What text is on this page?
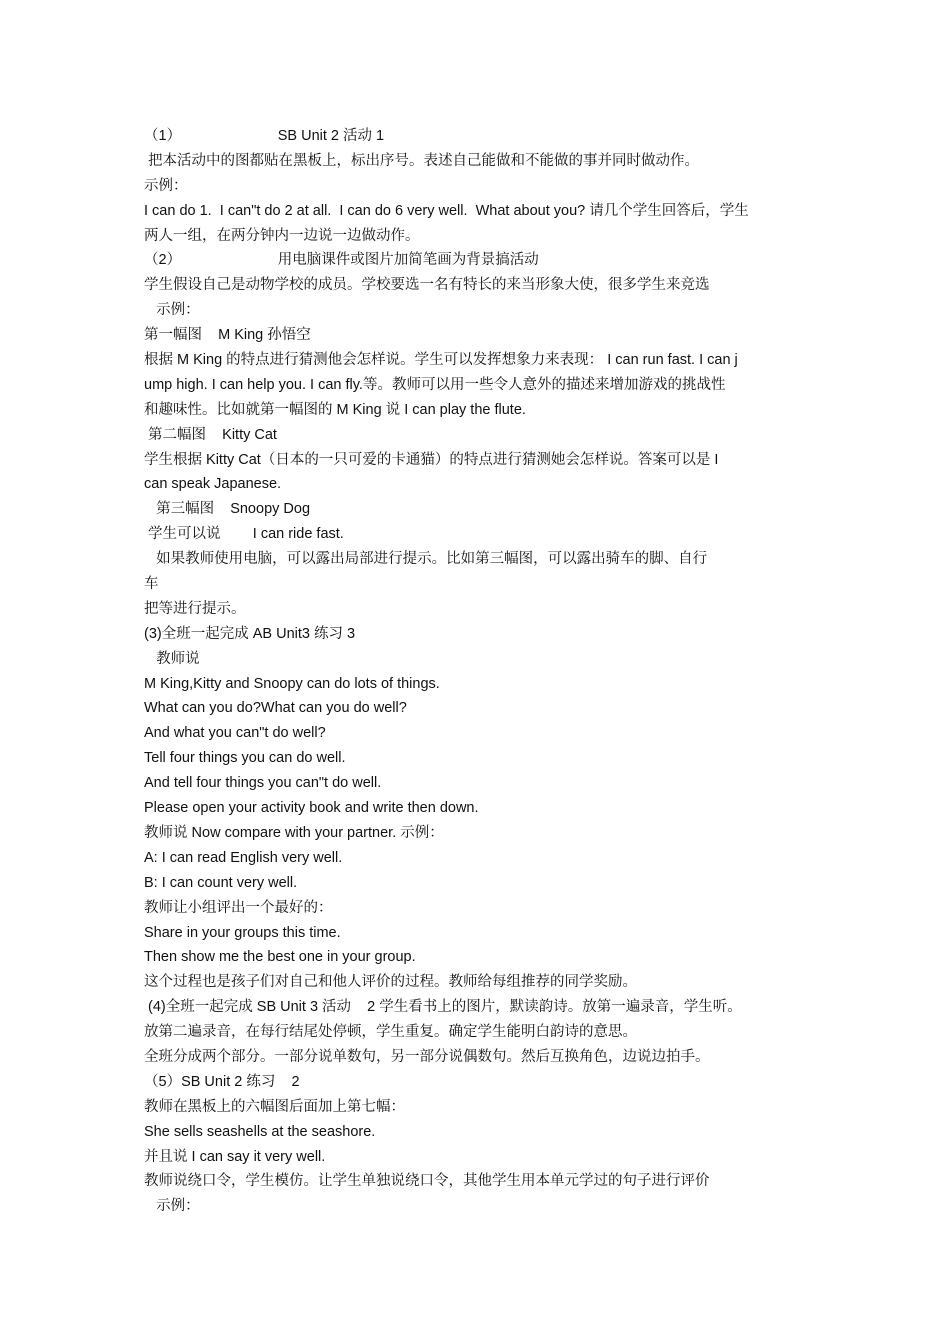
（1）                        SB Unit 2 活动 1
把本活动中的图都贴在黑板上，标出序号。表述自己能做和不能做的事并同时做动作。
示例：
I can do 1.  I can"t do 2 at all.  I can do 6 very well.  What about you? 请几个学生回答后，学生
两人一组，在两分钟内一边说一边做动作。
（2）                        用电脑课件或图片加简笔画为背景搞活动
学生假设自己是动物学校的成员。学校要选一名有特长的来当形象大使，很多学生来竞选
示例：
第一幅图    M King 孙悟空
根据 M King 的特点进行猜测他会怎样说。学生可以发挥想象力来表现： I can run fast. I can j
ump high. I can help you. I can fly.等。教师可以用一些令人意外的描述来增加游戏的挑战性
和趣味性。比如就第一幅图的 M King 说 I can play the flute.
第二幅图    Kitty Cat
学生根据 Kitty Cat（日本的一只可爱的卡通猫）的特点进行猜测她会怎样说。答案可以是 I
can speak Japanese.
第三幅图    Snoopy Dog
学生可以说        I can ride fast.
如果教师使用电脑，可以露出局部进行提示。比如第三幅图，可以露出骑车的脚、自行
车
把等进行提示。
(3)全班一起完成 AB Unit3 练习 3
教师说
M King,Kitty and Snoopy can do lots of things.
What can you do?What can you do well?
And what you can"t do well?
Tell four things you can do well.
And tell four things you can"t do well.
Please open your activity book and write then down.
教师说 Now compare with your partner. 示例：
A: I can read English very well.
B: I can count very well.
教师让小组评出一个最好的：
Share in your groups this time.
Then show me the best one in your group.
这个过程也是孩子们对自己和他人评价的过程。教师给每组推荐的同学奖励。
(4)全班一起完成 SB Unit 3 活动    2 学生看书上的图片，默读韵诗。放第一遍录音，学生听。
放第二遍录音，在每行结尾处停顿，学生重复。确定学生能明白韵诗的意思。
全班分成两个部分。一部分说单数句，另一部分说偶数句。然后互换角色，边说边拍手。
（5）SB Unit 2 练习    2
教师在黑板上的六幅图后面加上第七幅：
She sells seashells at the seashore.
并且说 I can say it very well.
教师说绕口令，学生模仿。让学生单独说绕口令，其他学生用本单元学过的句子进行评价
示例：
